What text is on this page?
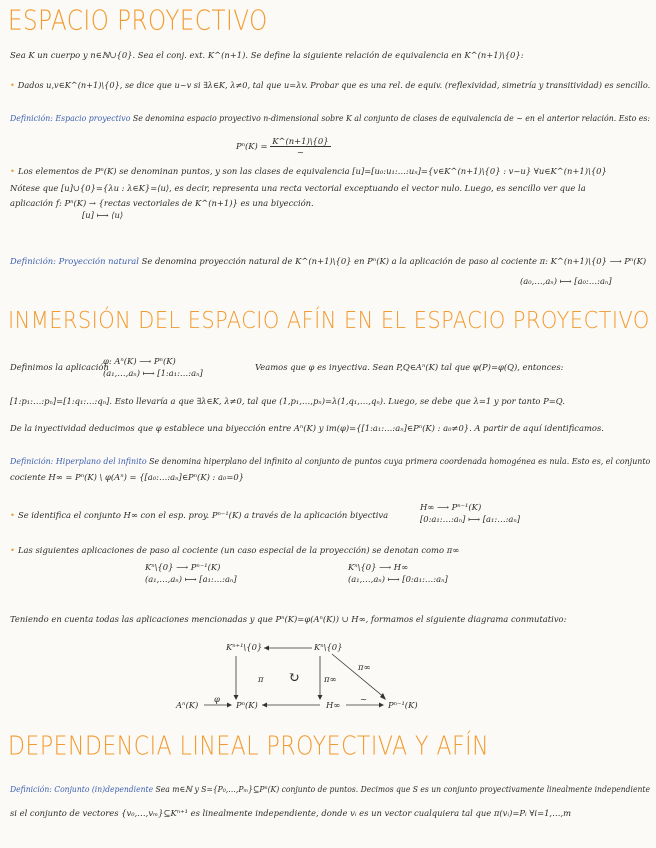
ESPACIO PROYECTIVO
Sea K un cuerpo y n∈ℕ∪{0}. Sea el conj. ext. K^(n+1). Se define la siguiente relación de equivalencia en K^(n+1)\{0}:
• Dados u,v∈K^(n+1)\{0}, se dice que u~v si ∃λ∈K, λ≠0, tal que u=λv. Probar que es una rel. de equiv. (reflexividad, simetría y transitividad) es sencillo.
Definición: Espacio proyectivo Se denomina espacio proyectivo n-dimensional sobre K al conjunto de clases de equivalencia de ~ en el anterior relación. Esto es:
$P^n(K) = \frac{K\^{}(n+1)\backslash\{0\}}{\sim}$
• Los elementos de Pⁿ(K) se denominan puntos, y son las clases de equivalencia [u]=[u₀:u₁:…:uₙ]={v∈K^(n+1)\{0} : v~u} ∀u∈K^(n+1)\{0}
Nótese que [u]∪{0}={λu : λ∈K}=⟨u⟩, es decir, representa una recta vectorial exceptuando el vector nulo. Luego, es sencillo ver que la
aplicación f: Pⁿ(K) → {rectas vectoriales de K^(n+1)} es una biyección.
[u] ⟼ ⟨u⟩
Definición: Proyección natural Se denomina proyección natural de K^(n+1)\{0} en Pⁿ(K) a la aplicación de paso al cociente π: K^(n+1)\{0} ⟶ Pⁿ(K)
(a₀,…,aₙ) ⟼ [a₀:…:aₙ]
INMERSIÓN DEL ESPACIO AFÍN EN EL ESPACIO PROYECTIVO
Definimos la aplicación
φ: Aⁿ(K) ⟶ Pⁿ(K)
(a₁,…,aₙ) ⟼ [1:a₁:…:aₙ]
Veamos que φ es inyectiva. Sean P,Q∈Aⁿ(K) tal que φ(P)=φ(Q), entonces:
[1:p₁:…:pₙ]=[1:q₁:…:qₙ]. Esto llevaría a que ∃λ∈K, λ≠0, tal que (1,p₁,…,pₙ)=λ(1,q₁,…,qₙ). Luego, se debe que λ=1 y por tanto P=Q.
De la inyectividad deducimos que φ establece una biyección entre Aⁿ(K) y im(φ)={[1:a₁:…:aₙ]∈Pⁿ(K) : a₀≠0}. A partir de aquí identificamos.
Definición: Hiperplano del infinito Se denomina hiperplano del infinito al conjunto de puntos cuya primera coordenada homogénea es nula. Esto es, el conjunto
cociente H∞ = Pⁿ(K) \ φ(Aⁿ) = {[a₀:…:aₙ]∈Pⁿ(K) : a₀=0}
• Se identifica el conjunto H∞ con el esp. proy. Pⁿ⁻¹(K) a través de la aplicación biyectiva
H∞ ⟶ Pⁿ⁻¹(K)
[0:a₁:…:aₙ] ⟼ [a₁:…:aₙ]
• Las siguientes aplicaciones de paso al cociente (un caso especial de la proyección) se denotan como π∞
Kⁿ\{0} ⟶ Pⁿ⁻¹(K)
(a₁,…,aₙ) ⟼ [a₁:…:aₙ]
Kⁿ\{0} ⟶ H∞
(a₁,…,aₙ) ⟼ [0:a₁:…:aₙ]
Teniendo en cuenta todas las aplicaciones mencionadas y que Pⁿ(K)=φ(Aⁿ(K)) ∪ H∞, formamos el siguiente diagrama conmutativo:
Kⁿ⁺¹\{0}	Kⁿ\{0}
Aⁿ(K)	Pⁿ(K)	H∞	Pⁿ⁻¹(K)
π ↻	π∞
π∞
φ	~
DEPENDENCIA LINEAL PROYECTIVA Y AFÍN
Definición: Conjunto (in)dependiente Sea m∈ℕ y S={P₀,…,Pₘ}⊆Pⁿ(K) conjunto de puntos. Decimos que S es un conjunto proyectivamente linealmente independiente
si el conjunto de vectores {v₀,…,vₘ}⊆Kⁿ⁺¹ es linealmente independiente, donde vᵢ es un vector cualquiera tal que π(vᵢ)=Pᵢ ∀i=1,…,m
